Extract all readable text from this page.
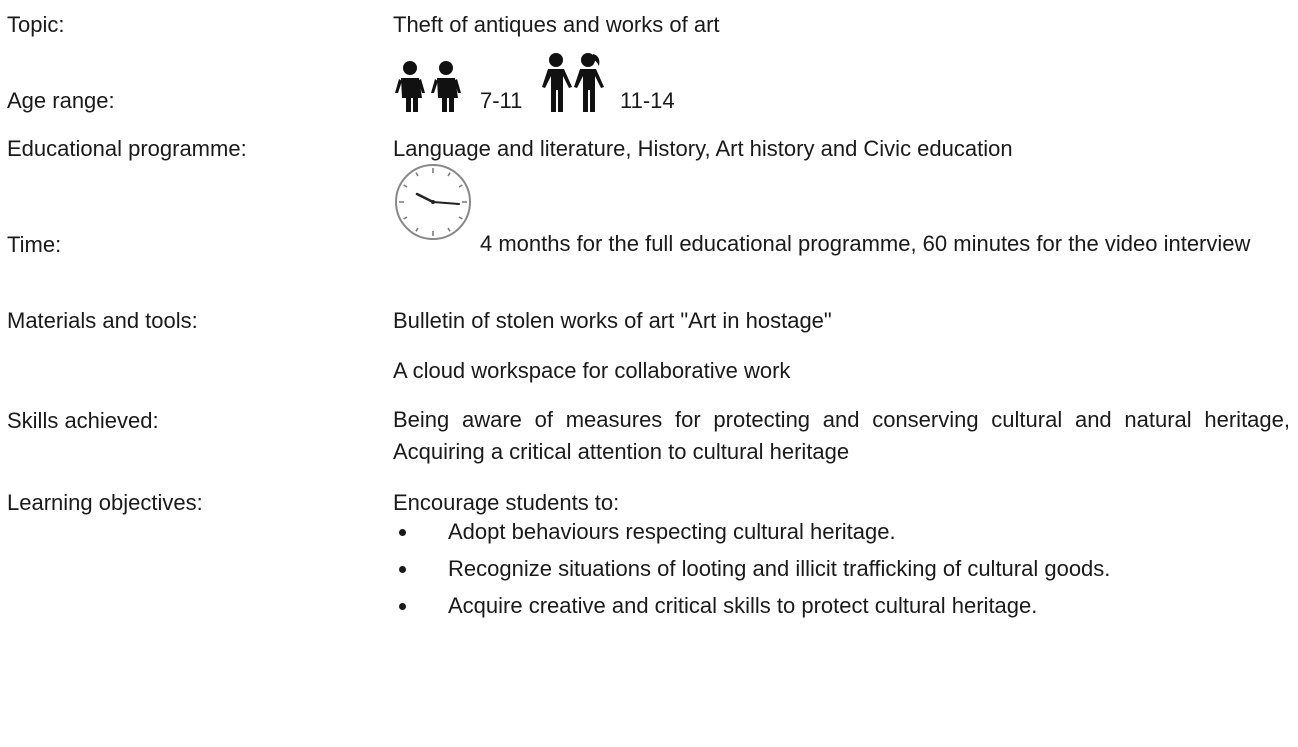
Topic:	Theft of antiques and works of art
Age range:	7-11	11-14
Educational programme:	Language and literature, History, Art history and Civic education
Time:	4 months for the full educational programme, 60 minutes for the video interview
Materials and tools:	Bulletin of stolen works of art "Art in hostage"
A cloud workspace for collaborative work
Skills achieved:	Being aware of measures for protecting and conserving cultural and natural heritage, Acquiring a critical attention to cultural heritage
Learning objectives:	Encourage students to:
Adopt behaviours respecting cultural heritage.
Recognize situations of looting and illicit trafficking of cultural goods.
Acquire creative and critical skills to protect cultural heritage.
